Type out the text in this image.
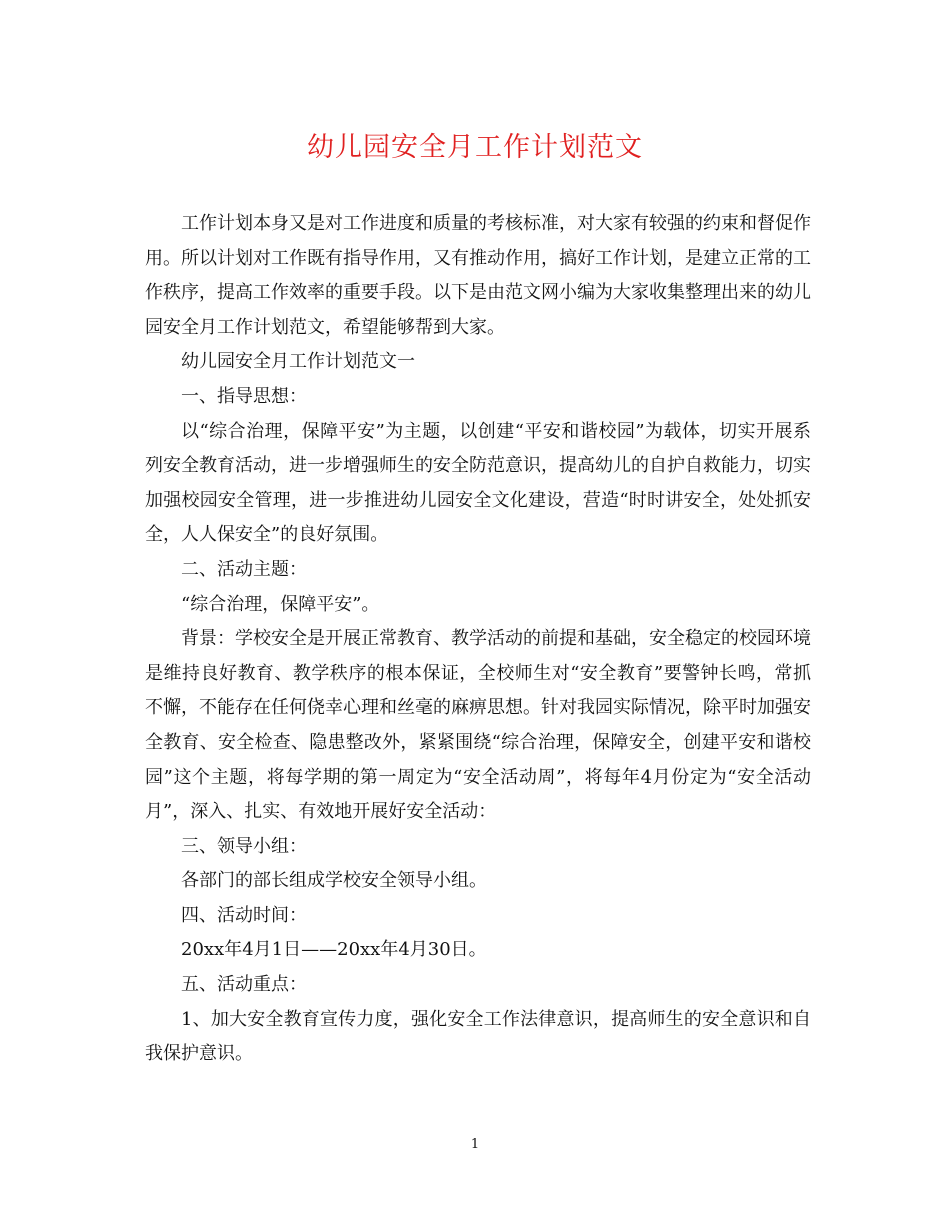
幼儿园安全月工作计划范文

工作计划本身又是对工作进度和质量的考核标准，对大家有较强的约束和督促作用。所以计划对工作既有指导作用，又有推动作用，搞好工作计划，是建立正常的工作秩序，提高工作效率的重要手段。以下是由范文网小编为大家收集整理出来的幼儿园安全月工作计划范文，希望能够帮到大家。

幼儿园安全月工作计划范文一

一、指导思想：

以“综合治理，保障平安”为主题，以创建“平安和谐校园”为载体，切实开展系列安全教育活动，进一步增强师生的安全防范意识，提高幼儿的自护自救能力，切实加强校园安全管理，进一步推进幼儿园安全文化建设，营造“时时讲安全，处处抓安全，人人保安全”的良好氛围。

二、活动主题：

“综合治理，保障平安”。

背景：学校安全是开展正常教育、教学活动的前提和基础，安全稳定的校园环境是维持良好教育、教学秩序的根本保证，全校师生对“安全教育”要警钟长鸣，常抓不懈，不能存在任何侥幸心理和丝毫的麻痹思想。针对我园实际情况，除平时加强安全教育、安全检查、隐患整改外，紧紧围绕“综合治理，保障安全，创建平安和谐校园”这个主题，将每学期的第一周定为“安全活动周”，将每年4月份定为“安全活动月”，深入、扎实、有效地开展好安全活动：

三、领导小组：

各部门的部长组成学校安全领导小组。

四、活动时间：

20xx年4月1日——20xx年4月30日。

五、活动重点：

1、加大安全教育宣传力度，强化安全工作法律意识，提高师生的安全意识和自我保护意识。

1
